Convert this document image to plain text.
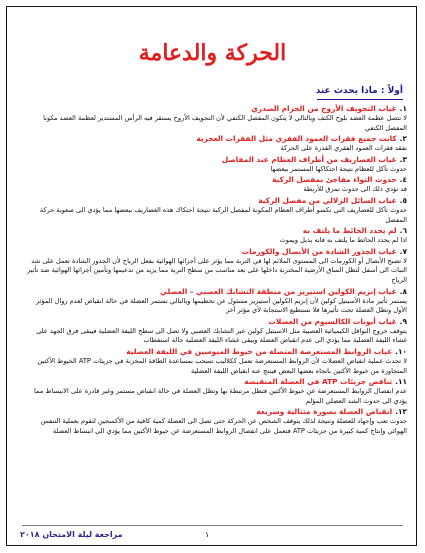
الحركة والدعامة
أولاً : ماذا يحدث عند
١.غياب التجويف الأروح من الحزام الصدري
لا تتصل عظمة العضد بلوح الكتف وبالتالي لا يتكون المفصل الكتفي لأن التجويف الأروح يستقر فيه الرأس المستدير لعظمة العضد مكونا المفصل الكتفي
٢.كانت جميع فقرات العمود الفقري مثل الفقرات العجزية
تفقد فقرات العمود الفقري القدرة على الحركة
٣.غياب الغضاريف من أطراف العظام عند المفاصل
حدوث تآكل للعظام نتيجة احتكاكها المستمر ببعضها
٤.حدوث التواء مفاجئ بمفصل الركبة
قد تؤدي ذلك الى حدوث تمزق للأربطة
٥.غياب السائل الزلالي من مفصل الركبة
حدوث تآكل للغضاريف التي تكسو أطراف العظام المكونة لمفصل الركبة نتيجة احتكاك هذه الغضاريف ببعضها مما يؤدي الى صعوبة حركة المفصل
٦.لم يحدد الحائط ما يلتف به
اذا لم يحدد الحائط ما يلتف به فانه يذبل ويموت
٧.غياب الجذور الشادة من الأبصال والكورمات
لا تصبح الأبصال أو الكورمات الى المستوى الملائم لها في التربة مما يؤثر على أجزائها الهوائية بفعل الرياح لأن الجذور الشادة تعمل على شد النبات الى أسفل لتظل الساق الأرضية المختزنة داخلها على بعد مناسب من سطح التربة مما يزيد من تدعيمها وتأمين أجزائها الهوائية ضد تأثير الرياح
٨.غياب إنزيم الكولين استيريز من منطقة التشابك العصبي – العضلي
يستمر تأثير مادة الأسيتيل كولين لأن إنزيم الكولين أستيريز مسئول عن تحطيمها وبالتالي تستمر العضلة في حالة انقباض لعدم زوال المؤثر الأول وتظل العضلة تحت تأثيرها فلا تستطيع الاستجابة لأي مؤثر آخر
٩.غياب أيونات الكالسيوم من العضلات
يتوقف خروج النواقل الكيميائية العصبية مثل الاسيتيل كولين عبر التشابك العصبي ولا تصل الى سطح الليفة العضلية فيبقى فرق الجهد على غشاء الليفة العضلية مما يؤدي الى عدم انقباض العضلة ويبقى غشاء الليفة العضلية حالة استقطاب
١٠.غياب الروابط المستعرضة المتصلة من خيوط الميوسين في الليفة العضلية
لا تحدث عملية انقباض العضلات لأن الروابط المستعرضة تعمل ككلاليب تسحب بمساعدة الطاقة المخزنة في جزيئات ATP الخيوط الأكتين المتجاورة من خيوط الأكتين باتجاه بعضها البعض فينتج عنه انقباض الليفة العضلية
١١.تناقص جزيئات ATP في العضلة المنقبضة
عدم انفصال الروابط المستعرضة عن خيوط الأكتين فتظل مرتبطة بها وتظل العضلة في حالة انقباض مستمر وغير قادرة على الانبساط مما يؤدي الى حدوث الشد العضلي المؤلم
١٢.انقباض العضلة بصورة متتالية وسريعة
حدوث تعب وإجهاد للعضلة ونتيجة لذلك يتوقف الشخص عن الحركة حتى تصل الى العضلة كمية كافية من الأكسجين لتقوم بعملية التنفس الهوائي وإنتاج كمية كبيرة من جزيئات ATP فتعمل على انفصال الروابط المستعرضة عن خيوط الأكتين مما يؤدي الى انبساط العضلة
مراجعة ليلة الامتحان ٢٠١٨	١
